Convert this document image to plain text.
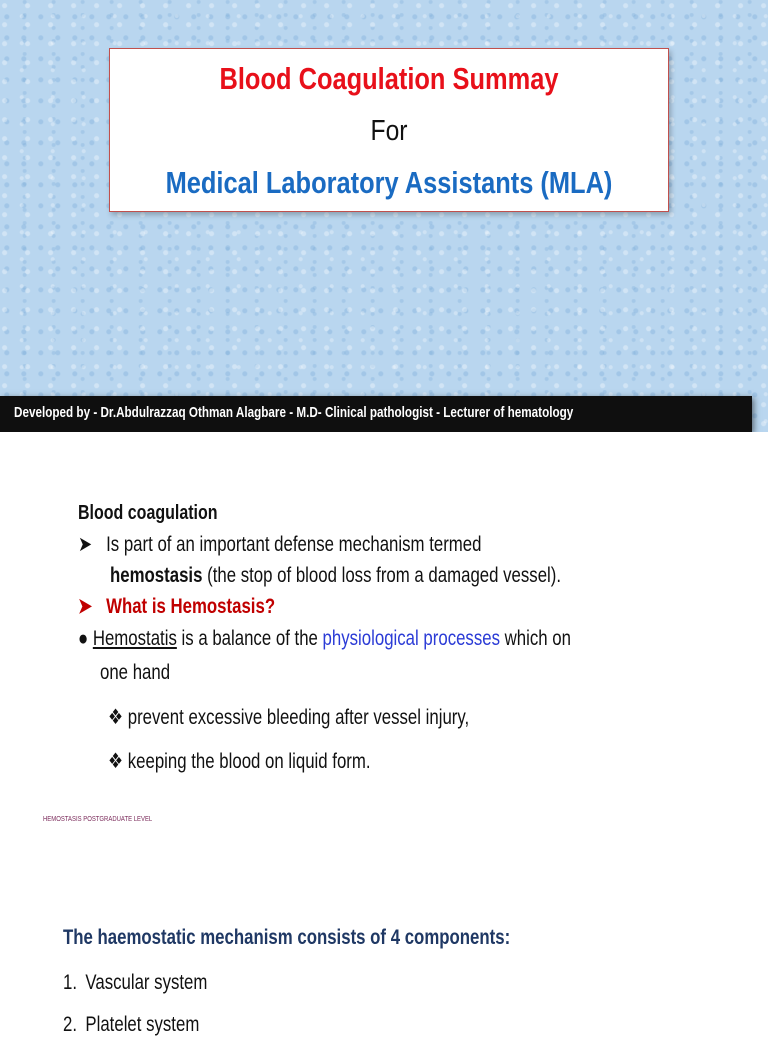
Blood Coagulation Summay
For
Medical Laboratory Assistants (MLA)
Developed by - Dr.Abdulrazzaq Othman Alagbare - M.D- Clinical pathologist - Lecturer of hematology
Blood coagulation
➤ Is part of an important defense mechanism termed
hemostasis (the stop of blood loss from a damaged vessel).
➤ What is Hemostasis?
● Hemostatis is a balance of the physiological processes which on
one hand
❖ prevent excessive bleeding after vessel injury,
❖ keeping the blood on liquid form.
HEMOSTASIS POSTGRADUATE LEVEL
The haemostatic mechanism consists of 4 components:
1. Vascular system
2. Platelet system
